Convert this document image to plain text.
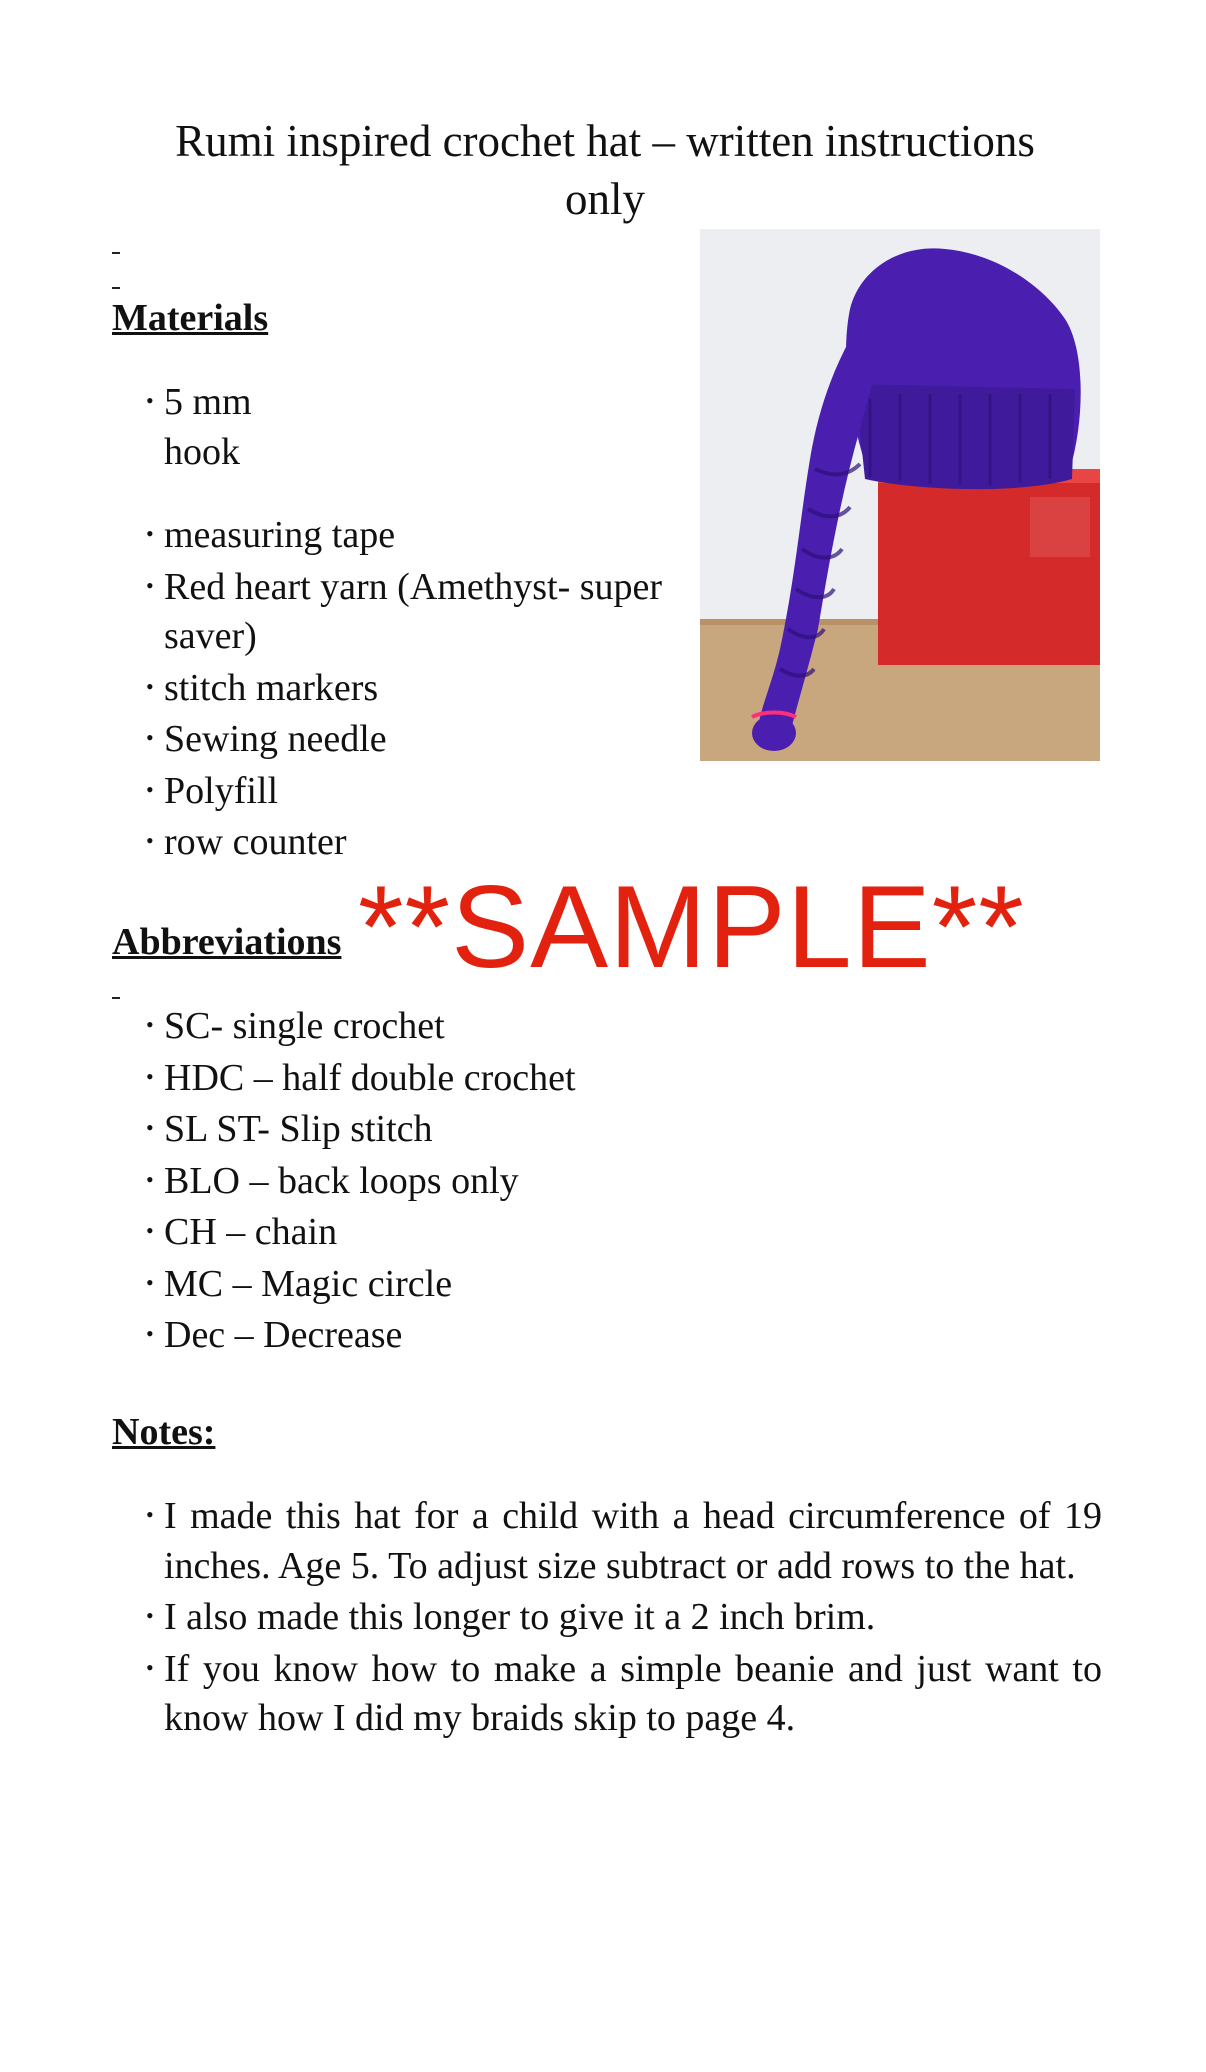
Rumi inspired crochet hat – written instructions only
Materials
•5 mm hook
•measuring tape
•Red heart yarn (Amethyst- super saver)
•stitch markers
•Sewing needle
•Polyfill
•row counter
Abbreviations
•SC- single crochet
•HDC – half double crochet
•SL ST- Slip stitch
•BLO – back loops only
•CH – chain
•MC – Magic circle
•Dec – Decrease
**SAMPLE**
Notes:
•I made this hat for a child with a head circumference of 19 inches. Age 5. To adjust size subtract or add rows to the hat.
•I also made this longer to give it a 2 inch brim.
•If you know how to make a simple beanie and just want to know how I did my braids skip to page 4.
